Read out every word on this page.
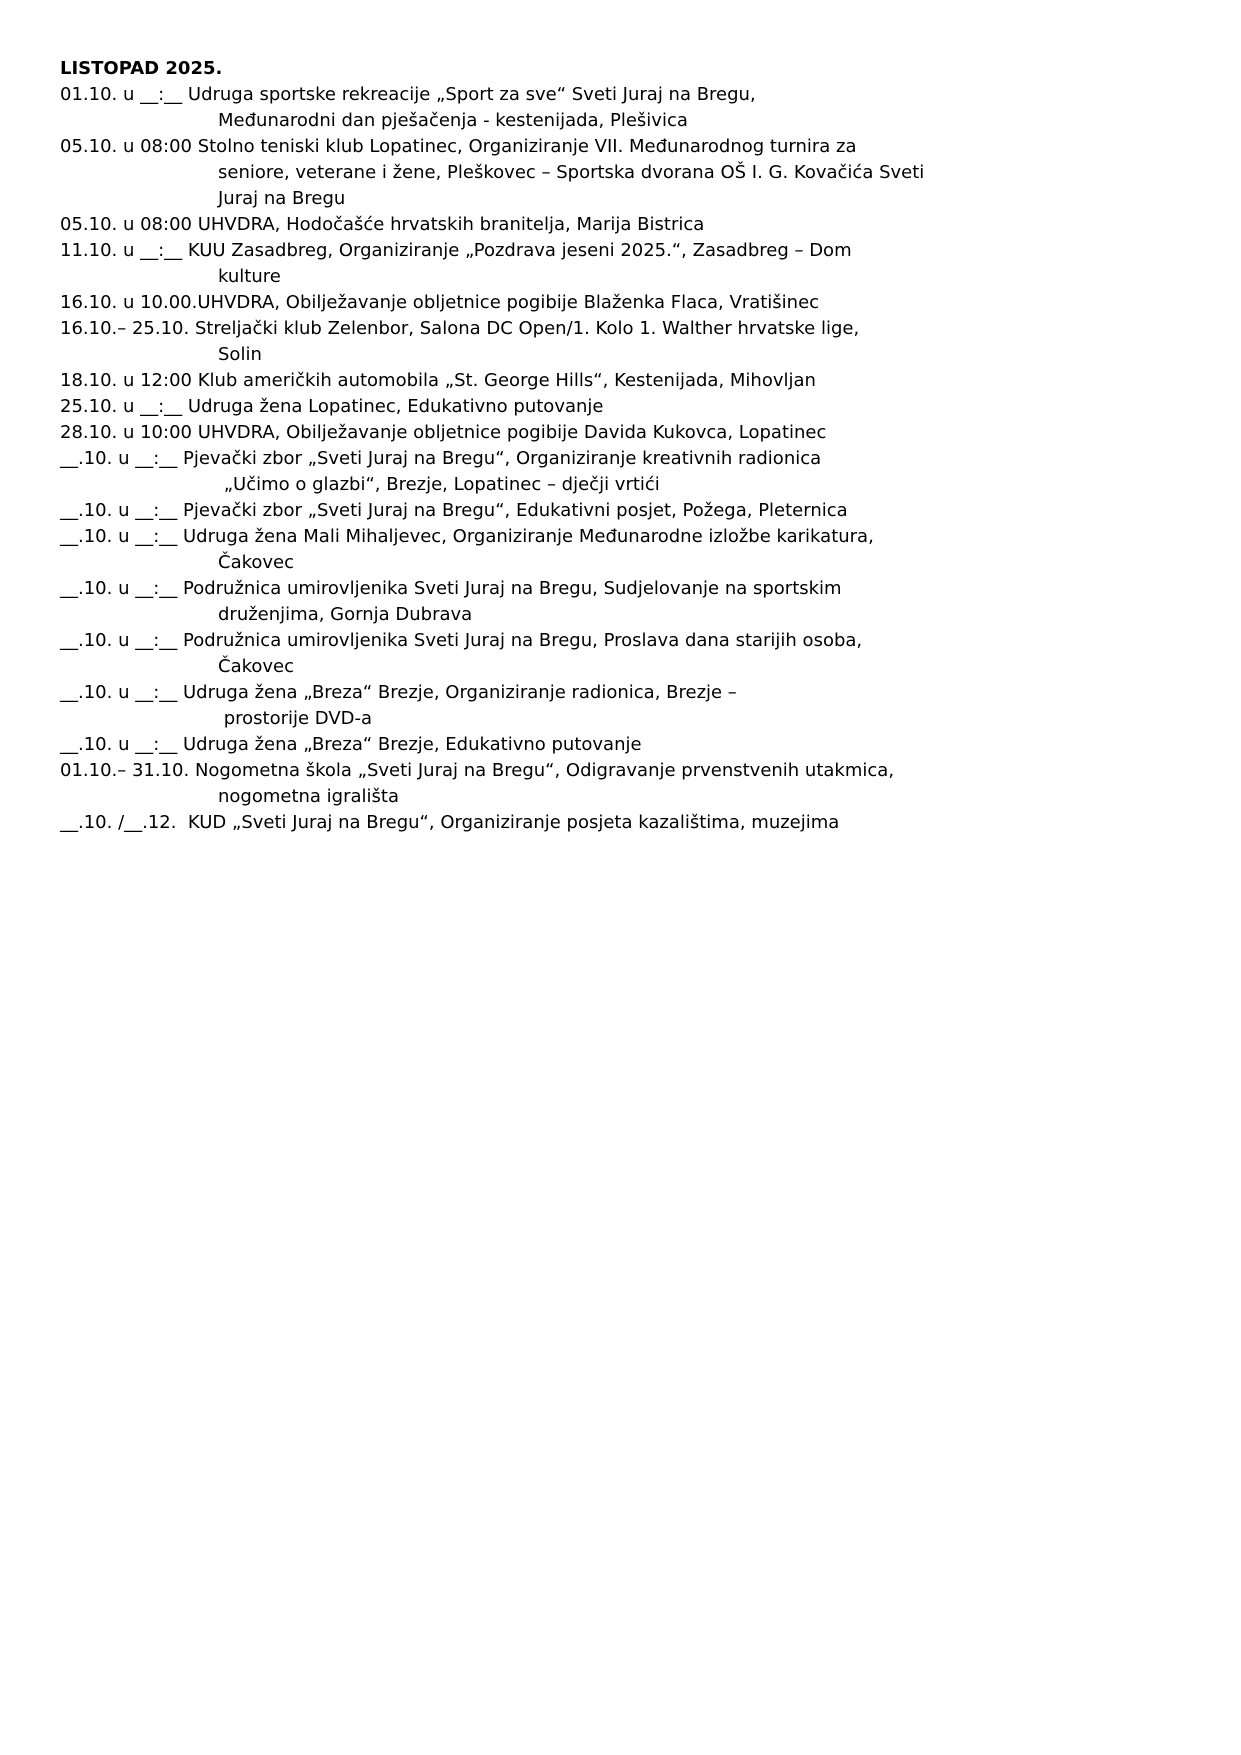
LISTOPAD 2025.
01.10. u __:__ Udruga sportske rekreacije „Sport za sve“ Sveti Juraj na Bregu,
Međunarodni dan pješačenja - kestenijada, Plešivica
05.10. u 08:00 Stolno teniski klub Lopatinec, Organiziranje VII. Međunarodnog turnira za
seniore, veterane i žene, Pleškovec – Sportska dvorana OŠ I. G. Kovačića Sveti
Juraj na Bregu
05.10. u 08:00 UHVDRA, Hodočašće hrvatskih branitelja, Marija Bistrica
11.10. u __:__ KUU Zasadbreg, Organiziranje „Pozdrava jeseni 2025.“, Zasadbreg – Dom
kulture
16.10. u 10.00.UHVDRA, Obilježavanje obljetnice pogibije Blaženka Flaca, Vratišinec
16.10.– 25.10. Streljački klub Zelenbor, Salona DC Open/1. Kolo 1. Walther hrvatske lige,
Solin
18.10. u 12:00 Klub američkih automobila „St. George Hills“, Kestenijada, Mihovljan
25.10. u __:__ Udruga žena Lopatinec, Edukativno putovanje
28.10. u 10:00 UHVDRA, Obilježavanje obljetnice pogibije Davida Kukovca, Lopatinec
__.10. u __:__ Pjevački zbor „Sveti Juraj na Bregu“, Organiziranje kreativnih radionica
„Učimo o glazbi“, Brezje, Lopatinec – dječji vrtići
__.10. u __:__ Pjevački zbor „Sveti Juraj na Bregu“, Edukativni posjet, Požega, Pleternica
__.10. u __:__ Udruga žena Mali Mihaljevec, Organiziranje Međunarodne izložbe karikatura,
Čakovec
__.10. u __:__ Podružnica umirovljenika Sveti Juraj na Bregu, Sudjelovanje na sportskim
druženjima, Gornja Dubrava
__.10. u __:__ Podružnica umirovljenika Sveti Juraj na Bregu, Proslava dana starijih osoba,
Čakovec
__.10. u __:__ Udruga žena „Breza“ Brezje, Organiziranje radionica, Brezje –
prostorije DVD-a
__.10. u __:__ Udruga žena „Breza“ Brezje, Edukativno putovanje
01.10.– 31.10. Nogometna škola „Sveti Juraj na Bregu“, Odigravanje prvenstvenih utakmica,
nogometna igrališta
__.10. /__.12.  KUD „Sveti Juraj na Bregu“, Organiziranje posjeta kazalištima, muzejima
